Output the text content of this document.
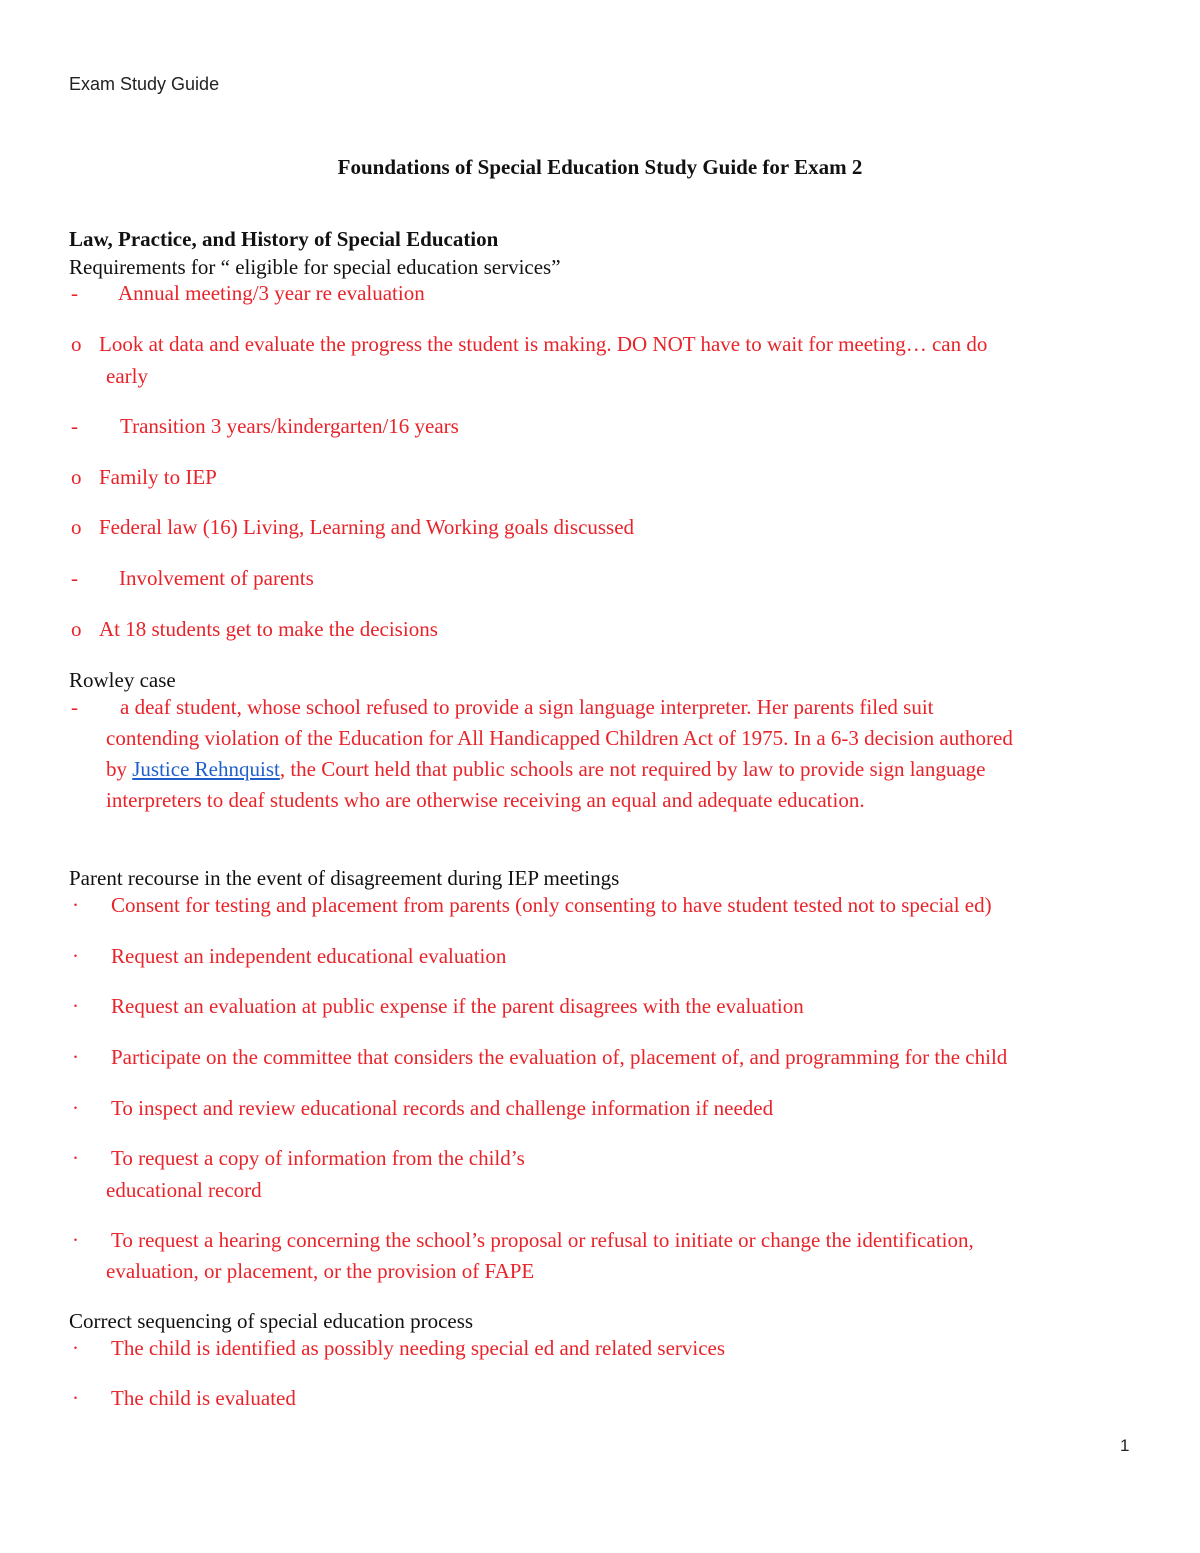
Exam Study Guide
Foundations of Special Education Study Guide for Exam 2
Law, Practice, and History of Special Education
Requirements for “ eligible for special education services”
- Annual meeting/3 year re evaluation
o Look at data and evaluate the progress the student is making. DO NOT have to wait for meeting… can do
early
- Transition 3 years/kindergarten/16 years
o Family to IEP
o Federal law (16) Living, Learning and Working goals discussed
- Involvement of parents
o At 18 students get to make the decisions
Rowley case
- a deaf student, whose school refused to provide a sign language interpreter. Her parents filed suit
contending violation of the Education for All Handicapped Children Act of 1975. In a 6-3 decision authored
by Justice Rehnquist, the Court held that public schools are not required by law to provide sign language
interpreters to deaf students who are otherwise receiving an equal and adequate education.
Parent recourse in the event of disagreement during IEP meetings
· Consent for testing and placement from parents (only consenting to have student tested not to special ed)
· Request an independent educational evaluation
· Request an evaluation at public expense if the parent disagrees with the evaluation
· Participate on the committee that considers the evaluation of, placement of, and programming for the child
· To inspect and review educational records and challenge information if needed
· To request a copy of information from the child’s
educational record
· To request a hearing concerning the school’s proposal or refusal to initiate or change the identification,
evaluation, or placement, or the provision of FAPE
Correct sequencing of special education process
· The child is identified as possibly needing special ed and related services
· The child is evaluated
1
